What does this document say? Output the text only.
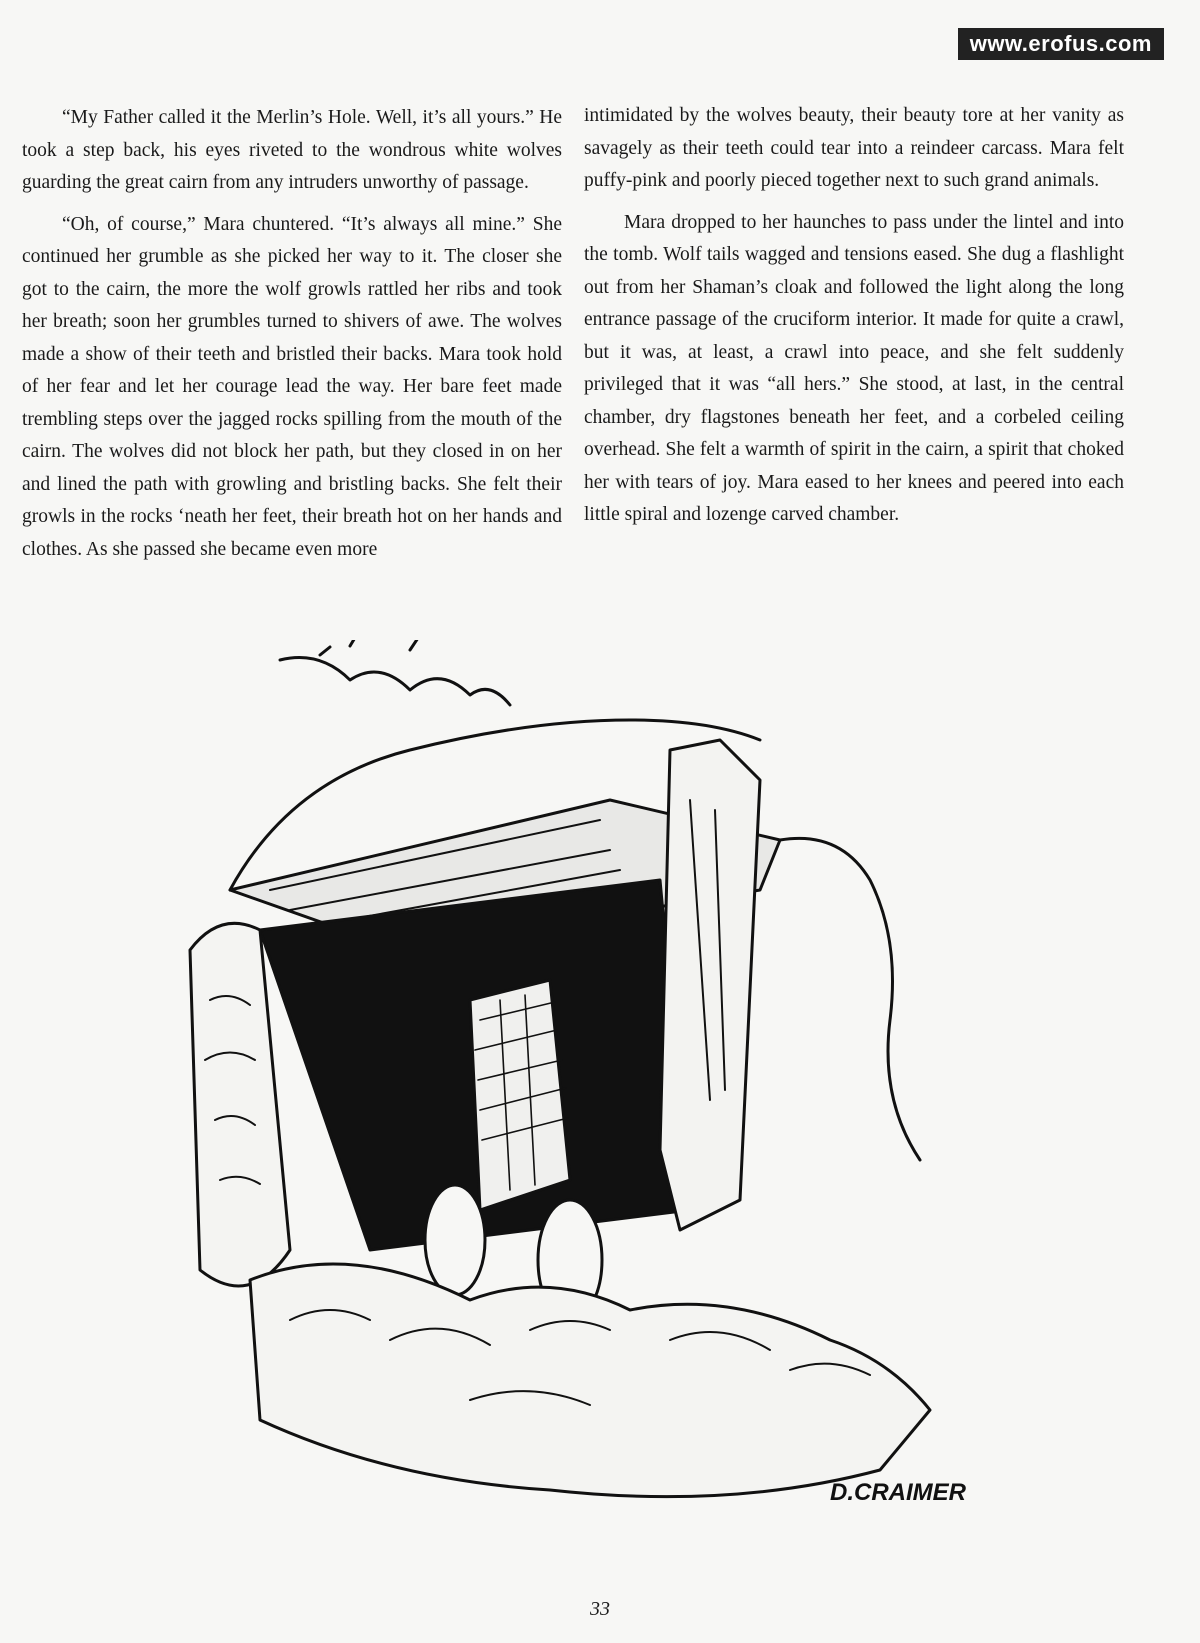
www.erofus.com

“My Father called it the Merlin’s Hole. Well, it’s all yours.” He took a step back, his eyes riveted to the wondrous white wolves guarding the great cairn from any intruders unworthy of passage.

“Oh, of course,” Mara chuntered. “It’s always all mine.” She continued her grumble as she picked her way to it. The closer she got to the cairn, the more the wolf growls rattled her ribs and took her breath; soon her grumbles turned to shivers of awe. The wolves made a show of their teeth and bristled their backs. Mara took hold of her fear and let her courage lead the way. Her bare feet made trembling steps over the jagged rocks spilling from the mouth of the cairn. The wolves did not block her path, but they closed in on her and lined the path with growling and bristling backs. She felt their growls in the rocks ‘neath her feet, their breath hot on her hands and clothes. As she passed she became even more

intimidated by the wolves beauty, their beauty tore at her vanity as savagely as their teeth could tear into a reindeer carcass. Mara felt puffy-pink and poorly pieced together next to such grand animals.

Mara dropped to her haunches to pass under the lintel and into the tomb. Wolf tails wagged and tensions eased. She dug a flashlight out from her Shaman’s cloak and followed the light along the long entrance passage of the cruciform interior. It made for quite a crawl, but it was, at least, a crawl into peace, and she felt suddenly privileged that it was “all hers.” She stood, at last, in the central chamber, dry flagstones beneath her feet, and a corbeled ceiling overhead. She felt a warmth of spirit in the cairn, a spirit that choked her with tears of joy. Mara eased to her knees and peered into each little spiral and lozenge carved chamber.

D.CRAIMER
33
